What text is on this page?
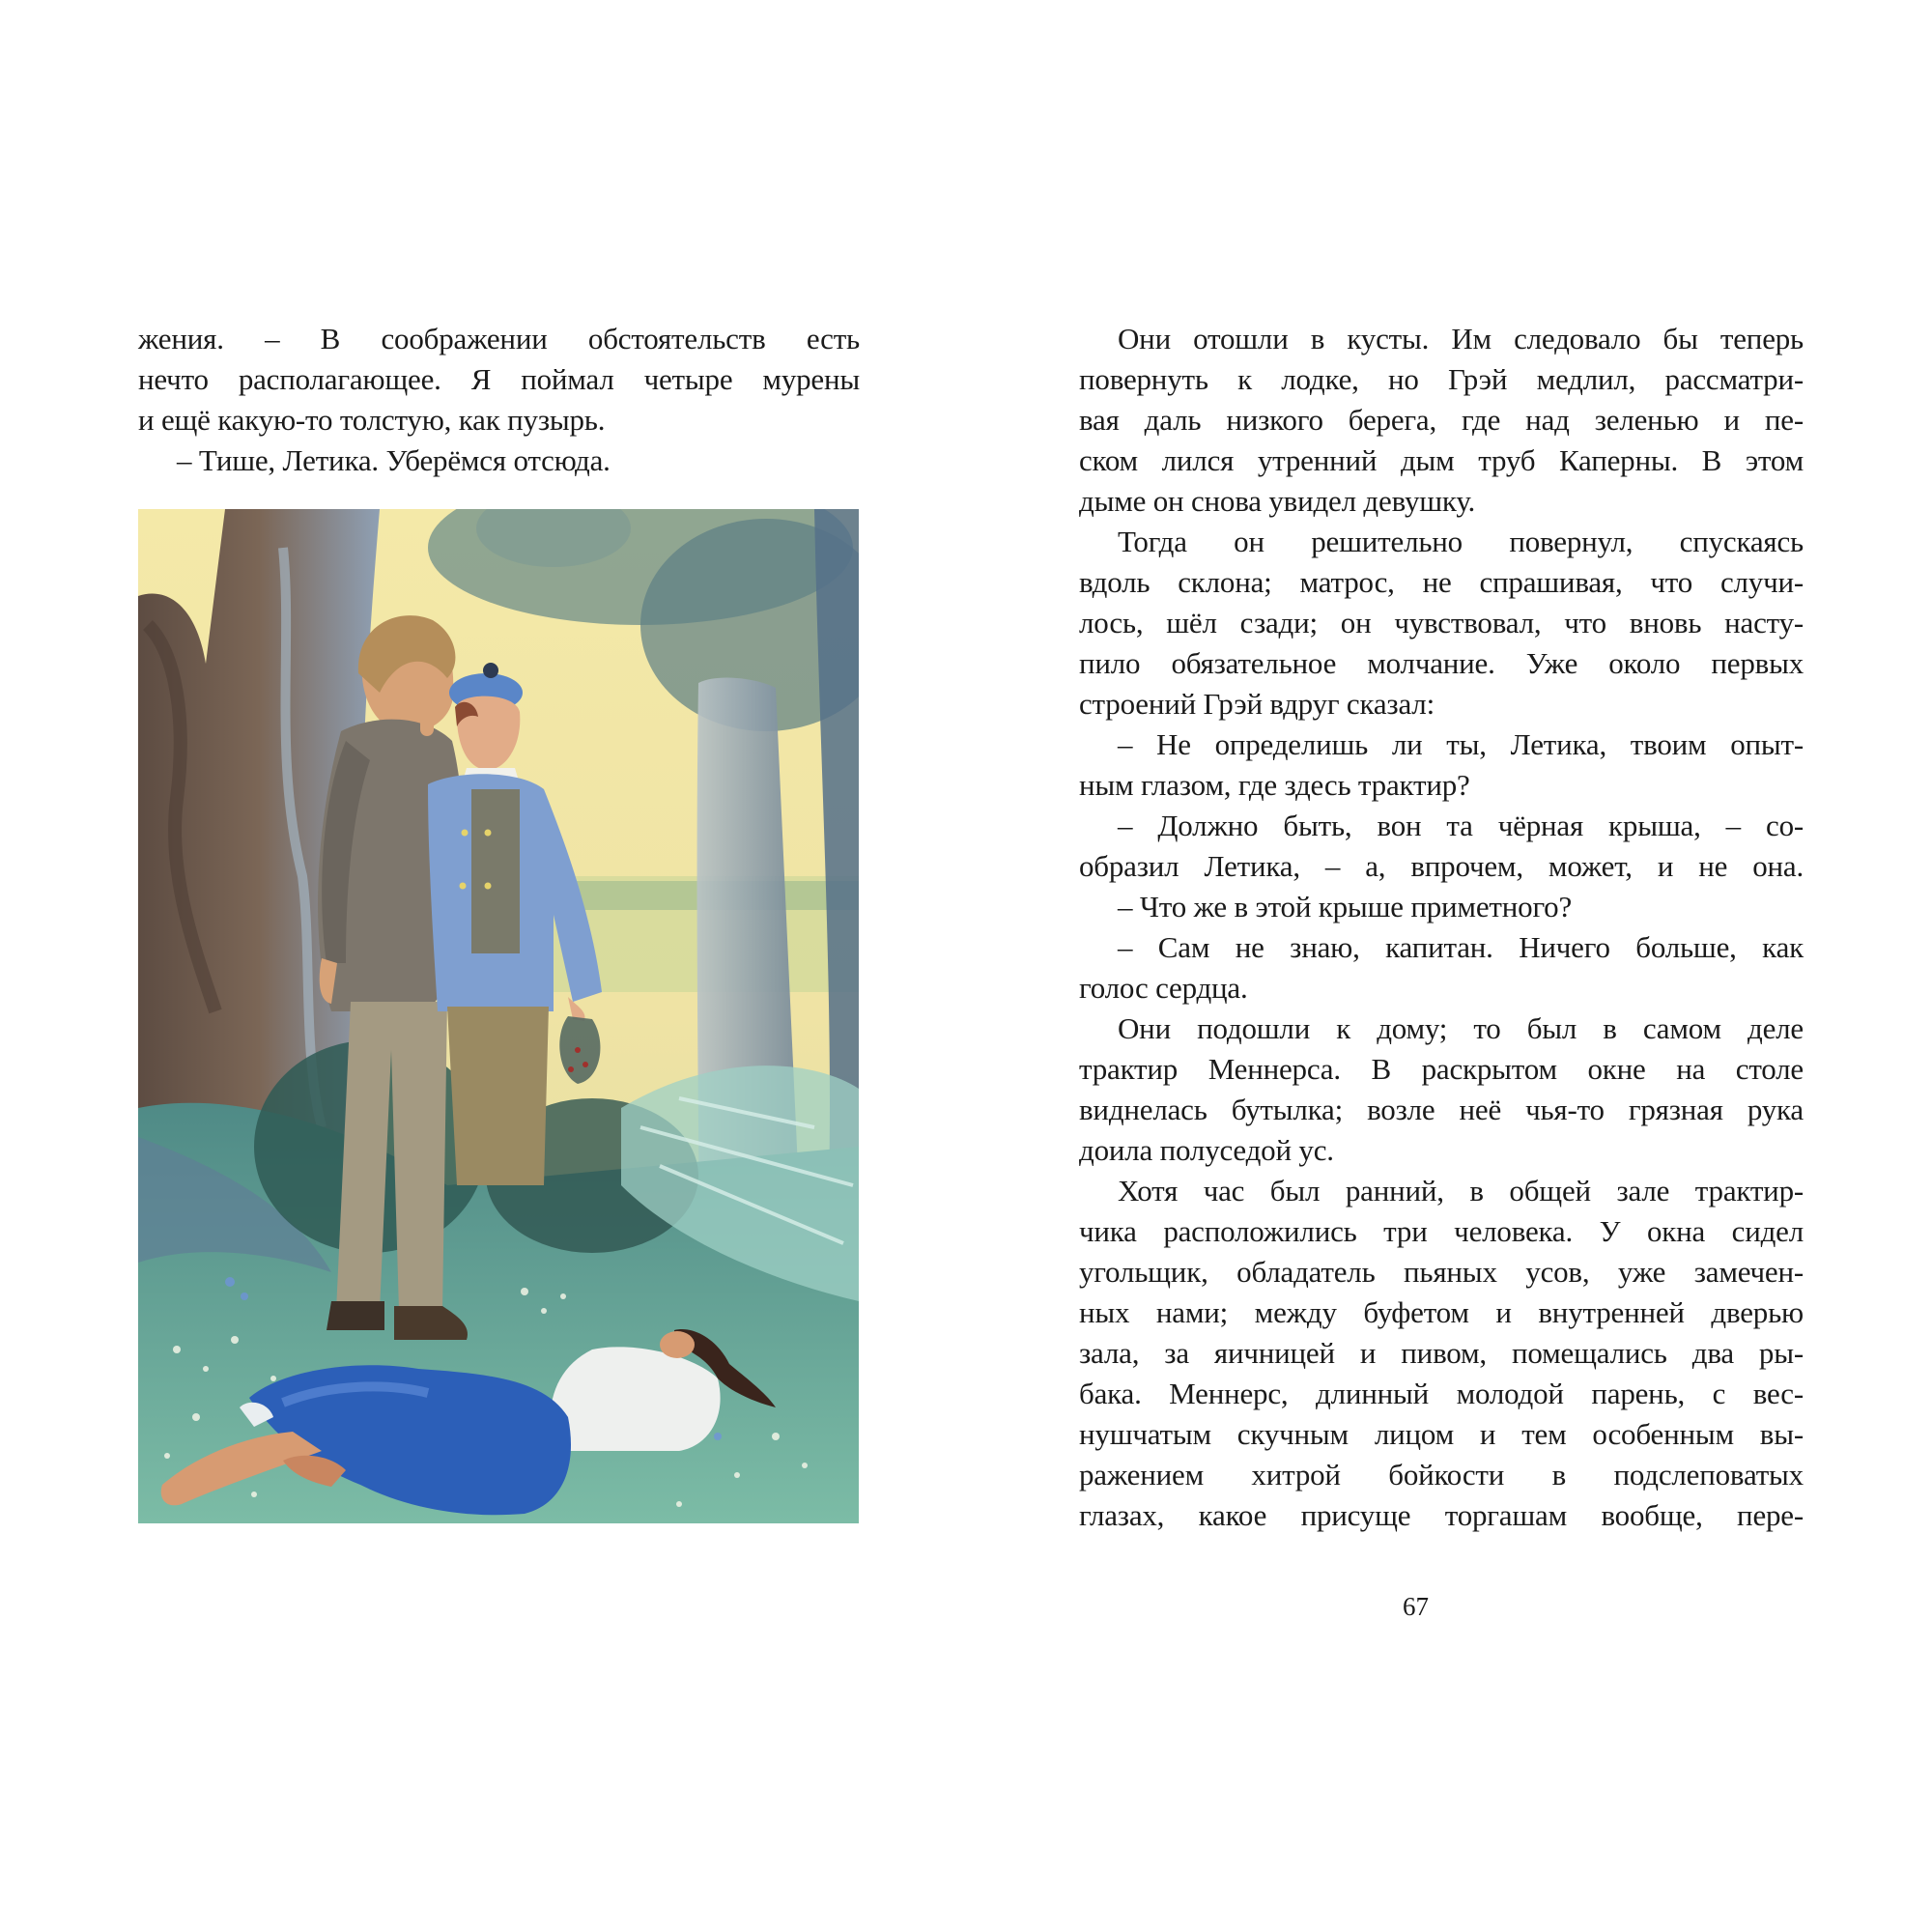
жения. – В соображении обстоятельств есть
нечто располагающее. Я поймал четыре мурены
и ещё какую-то толстую, как пузырь.
– Тише, Летика. Уберёмся отсюда.
Они отошли в кусты. Им следовало бы теперь
повернуть к лодке, но Грэй медлил, рассматри-
вая даль низкого берега, где над зеленью и пе-
ском лился утренний дым труб Каперны. В этом
дыме он снова увидел девушку.
Тогда он решительно повернул, спускаясь
вдоль склона; матрос, не спрашивая, что случи-
лось, шёл сзади; он чувствовал, что вновь насту-
пило обязательное молчание. Уже около первых
строений Грэй вдруг сказал:
– Не определишь ли ты, Летика, твоим опыт-
ным глазом, где здесь трактир?
– Должно быть, вон та чёрная крыша, – со-
образил Летика, – а, впрочем, может, и не она.
– Что же в этой крыше приметного?
– Сам не знаю, капитан. Ничего больше, как
голос сердца.
Они подошли к дому; то был в самом деле
трактир Меннерса. В раскрытом окне на столе
виднелась бутылка; возле неё чья-то грязная рука
доила полуседой ус.
Хотя час был ранний, в общей зале трактир-
чика расположились три человека. У окна сидел
угольщик, обладатель пьяных усов, уже замечен-
ных нами; между буфетом и внутренней дверью
зала, за яичницей и пивом, помещались два ры-
бака. Меннерс, длинный молодой парень, с вес-
нушчатым скучным лицом и тем особенным вы-
ражением хитрой бойкости в подслеповатых
глазах, какое присуще торгашам вообще, пере-
67
